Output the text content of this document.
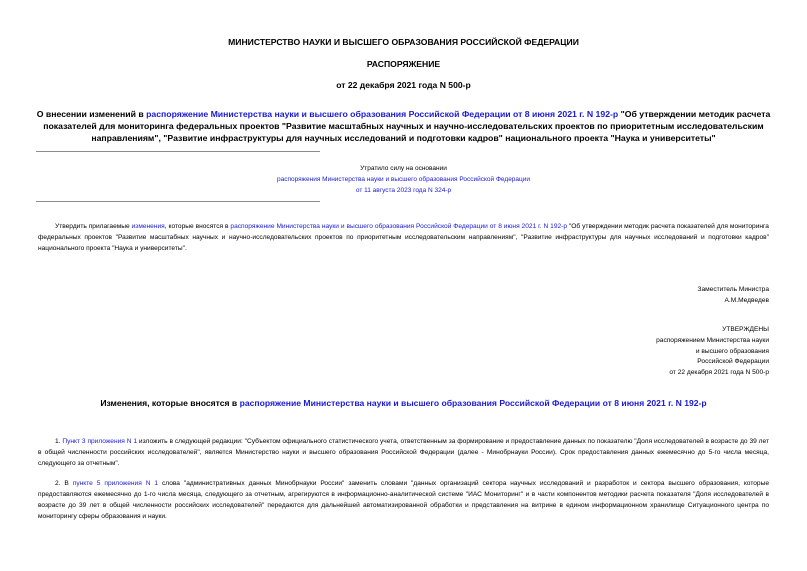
МИНИСТЕРСТВО НАУКИ И ВЫСШЕГО ОБРАЗОВАНИЯ РОССИЙСКОЙ ФЕДЕРАЦИИ
РАСПОРЯЖЕНИЕ
от 22 декабря 2021 года N 500-р
О внесении изменений в распоряжение Министерства науки и высшего образования Российской Федерации от 8 июня 2021 г. N 192-р "Об утверждении методик расчета показателей для мониторинга федеральных проектов "Развитие масштабных научных и научно-исследовательских проектов по приоритетным исследовательским направлениям", "Развитие инфраструктуры для научных исследований и подготовки кадров" национального проекта "Наука и университеты"
Утратило силу на основании
распоряжения Министерства науки и высшего образования Российской Федерации
от 11 августа 2023 года N 324-р
Утвердить прилагаемые изменения, которые вносятся в распоряжение Министерства науки и высшего образования Российской Федерации от 8 июня 2021 г. N 192-р "Об утверждении методик расчета показателей для мониторинга федеральных проектов "Развитие масштабных научных и научно-исследовательских проектов по приоритетным исследовательским направлениям", "Развитие инфраструктуры для научных исследований и подготовки кадров" национального проекта "Наука и университеты".
Заместитель Министра
А.М.Медведев
УТВЕРЖДЕНЫ
распоряжением Министерства науки
и высшего образования
Российской Федерации
от 22 декабря 2021 года N 500-р
Изменения, которые вносятся в распоряжение Министерства науки и высшего образования Российской Федерации от 8 июня 2021 г. N 192-р
1. Пункт 3 приложения N 1 изложить в следующей редакции: "Субъектом официального статистического учета, ответственным за формирование и предоставление данных по показателю "Доля исследователей в возрасте до 39 лет в общей численности российских исследователей", является Министерство науки и высшего образования Российской Федерации (далее - Минобрнауки России). Срок предоставления данных ежемесячно до 5-го числа месяца, следующего за отчетным".
2. В пункте 5 приложения N 1 слова "административных данных Минобрнауки России" заменить словами "данных организаций сектора научных исследований и разработок и сектора высшего образования, которые предоставляются ежемесячно до 1-го числа месяца, следующего за отчетным, агрегируются в информационно-аналитической системе "ИАС Мониторинг" и в части компонентов методики расчета показателя "Доля исследователей в возрасте до 39 лет в общей численности российских исследователей" передаются для дальнейшей автоматизированной обработки и представления на витрине в едином информационном хранилище Ситуационного центра по мониторингу сферы образования и науки.
